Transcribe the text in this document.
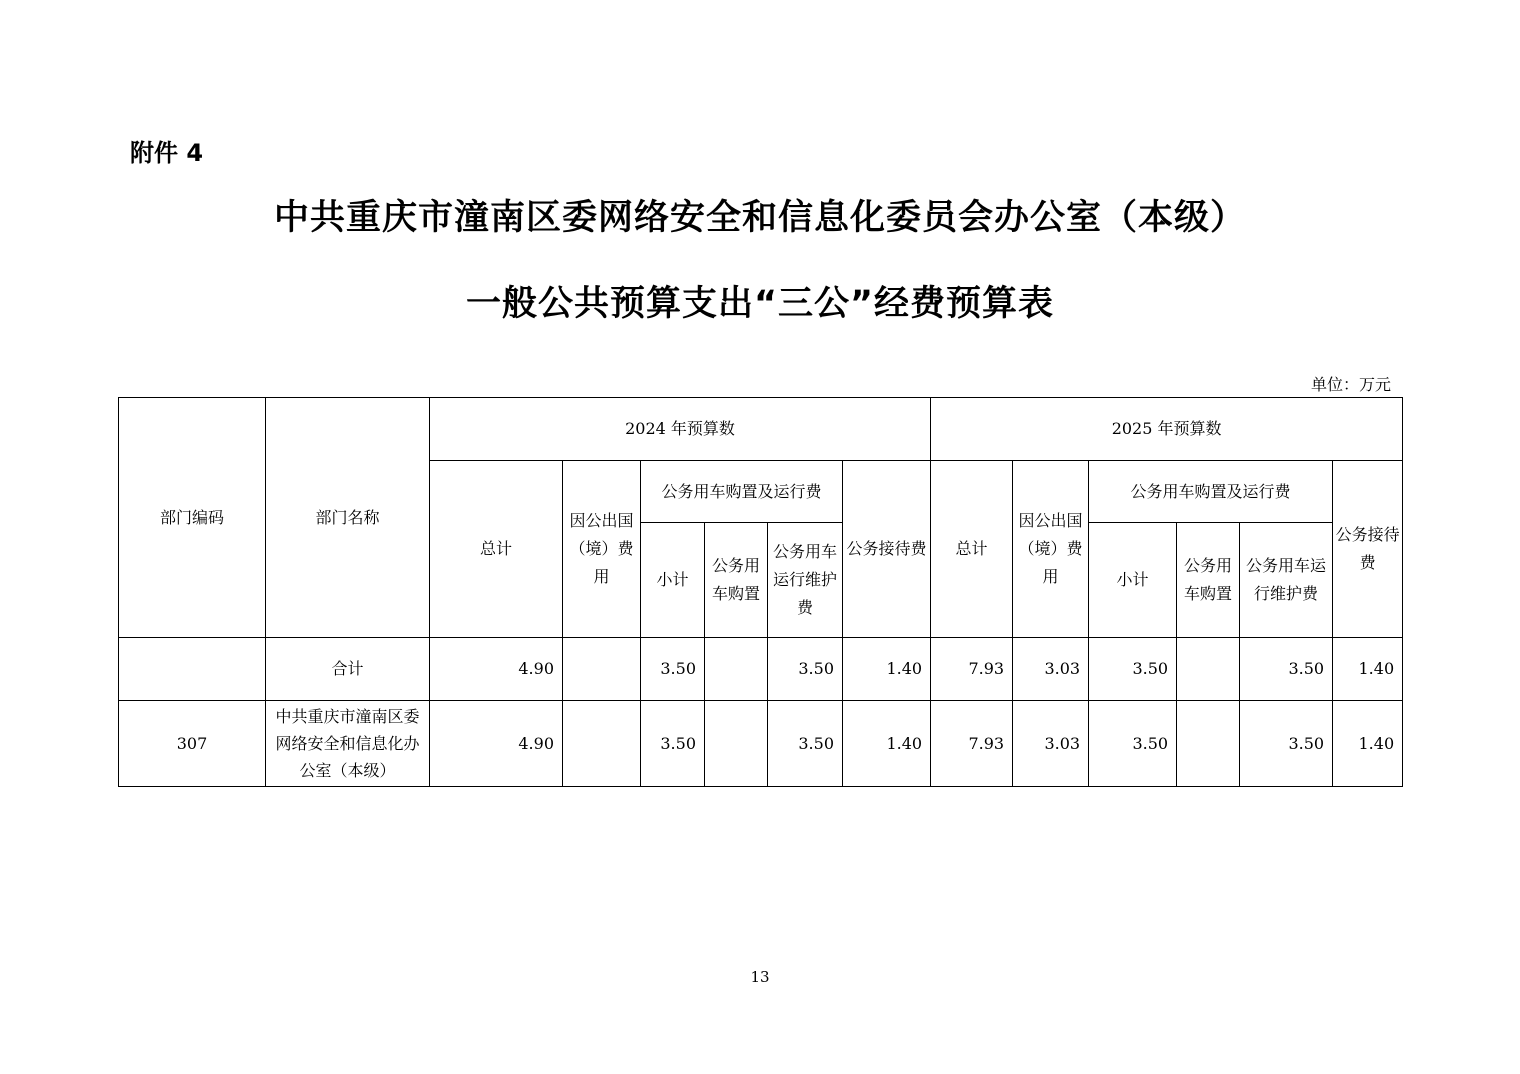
附件 4
中共重庆市潼南区委网络安全和信息化委员会办公室（本级）
一般公共预算支出“三公”经费预算表
单位：万元
部门编码	部门名称	2024 年预算数						2025 年预算数					
		总计	因公出国（境）费用	公务用车购置及运行费			公务接待费	总计	因公出国（境）费用	公务用车购置及运行费			公务接待费
				小计	公务用车购置	公务用车运行维护费				小计	公务用车购置	公务用车运行维护费	
	合计	4.90		3.50		3.50	1.40	7.93	3.03	3.50		3.50	1.40
307	中共重庆市潼南区委网络安全和信息化办公室（本级）	4.90		3.50		3.50	1.40	7.93	3.03	3.50		3.50	1.40
13
